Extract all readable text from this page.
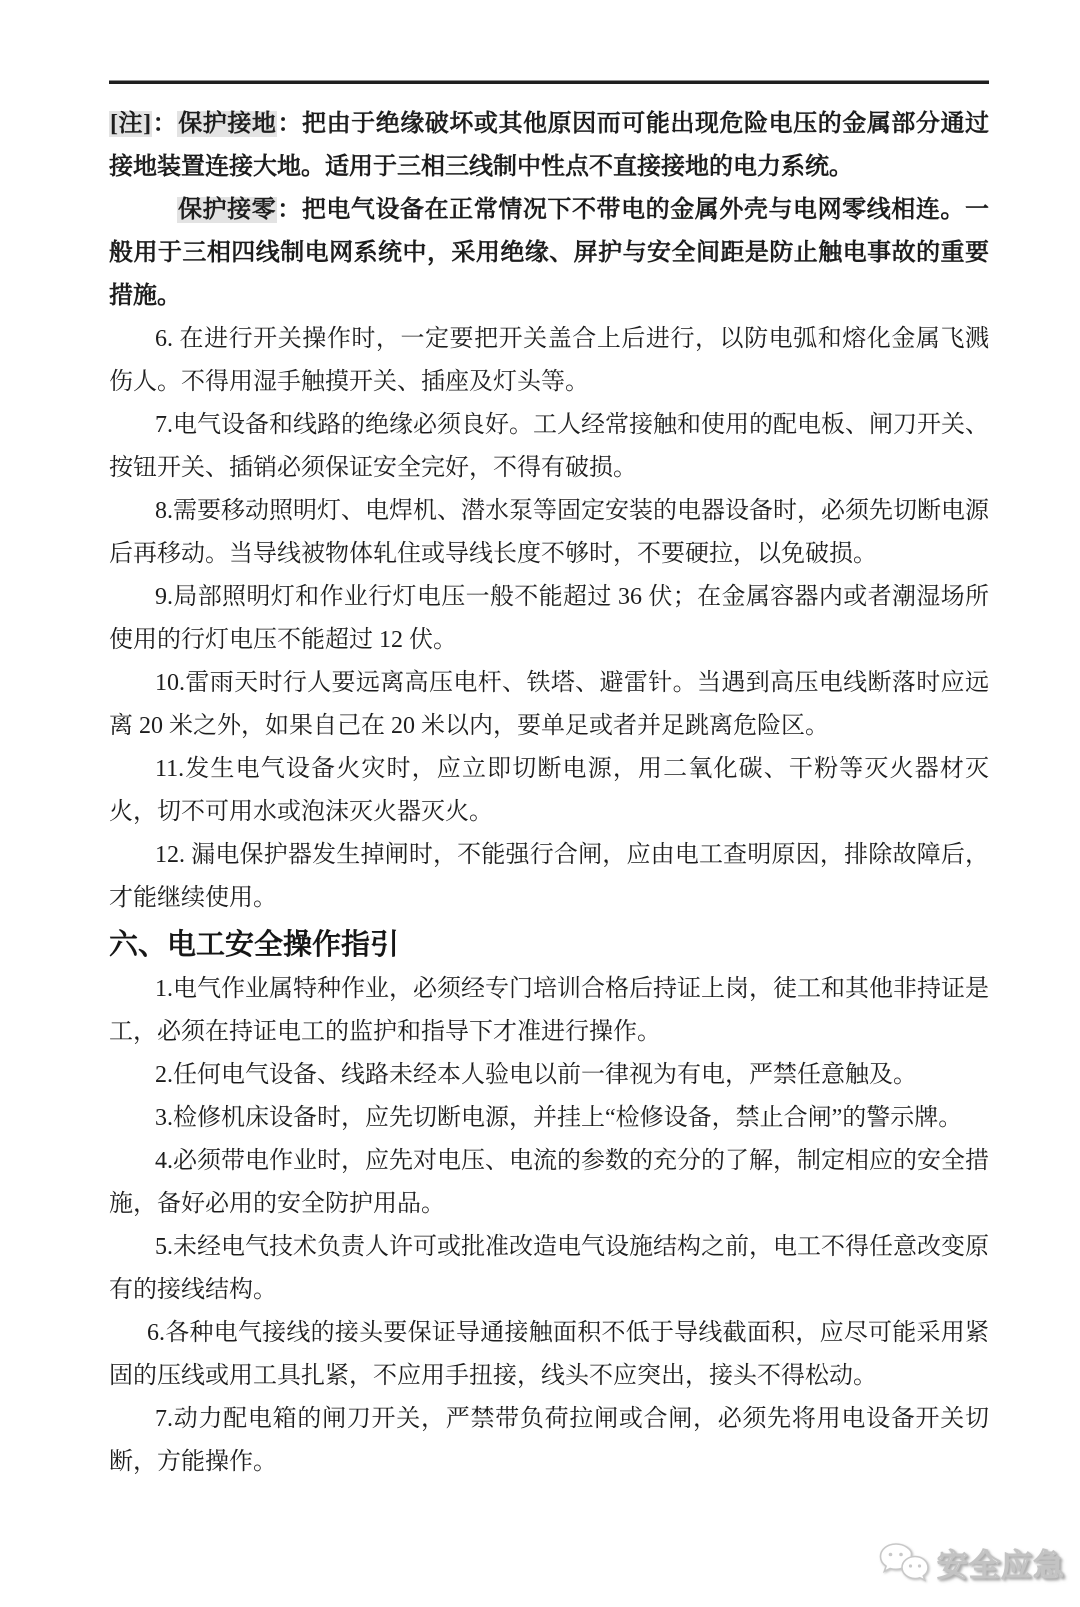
[注]：保护接地：把由于绝缘破坏或其他原因而可能出现危险电压的金属部分通过接地装置连接大地。适用于三相三线制中性点不直接接地的电力系统。

保护接零：把电气设备在正常情况下不带电的金属外壳与电网零线相连。一般用于三相四线制电网系统中，采用绝缘、屏护与安全间距是防止触电事故的重要措施。

6. 在进行开关操作时，一定要把开关盖合上后进行，以防电弧和熔化金属飞溅伤人。不得用湿手触摸开关、插座及灯头等。

7.电气设备和线路的绝缘必须良好。工人经常接触和使用的配电板、闸刀开关、按钮开关、插销必须保证安全完好，不得有破损。

8.需要移动照明灯、电焊机、潜水泵等固定安装的电器设备时，必须先切断电源后再移动。当导线被物体轧住或导线长度不够时，不要硬拉，以免破损。

9.局部照明灯和作业行灯电压一般不能超过 36 伏；在金属容器内或者潮湿场所使用的行灯电压不能超过 12 伏。

10.雷雨天时行人要远离高压电杆、铁塔、避雷针。当遇到高压电线断落时应远离 20 米之外，如果自己在 20 米以内，要单足或者并足跳离危险区。

11.发生电气设备火灾时，应立即切断电源，用二氧化碳、干粉等灭火器材灭火，切不可用水或泡沫灭火器灭火。

12. 漏电保护器发生掉闸时，不能强行合闸，应由电工查明原因，排除故障后，才能继续使用。

六、电工安全操作指引

1.电气作业属特种作业，必须经专门培训合格后持证上岗，徒工和其他非持证是工，必须在持证电工的监护和指导下才准进行操作。

2.任何电气设备、线路未经本人验电以前一律视为有电，严禁任意触及。

3.检修机床设备时，应先切断电源，并挂上“检修设备，禁止合闸”的警示牌。

4.必须带电作业时，应先对电压、电流的参数的充分的了解，制定相应的安全措施，备好必用的安全防护用品。

5.未经电气技术负责人许可或批准改造电气设施结构之前，电工不得任意改变原有的接线结构。

6.各种电气接线的接头要保证导通接触面积不低于导线截面积，应尽可能采用紧固的压线或用工具扎紧，不应用手扭接，线头不应突出，接头不得松动。

7.动力配电箱的闸刀开关，严禁带负荷拉闸或合闸，必须先将用电设备开关切断，方能操作。

安全应急
